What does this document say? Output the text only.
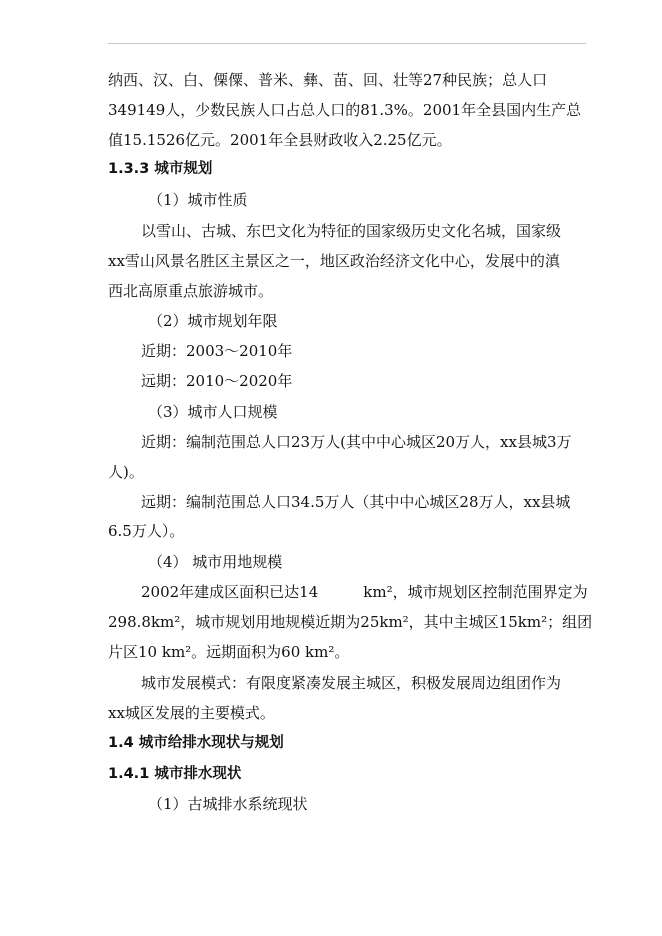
纳西、汉、白、傈僳、普米、彝、苗、回、壮等27种民族；总人口
349149人，少数民族人口占总人口的81.3%。2001年全县国内生产总
值15.1526亿元。2001年全县财政收入2.25亿元。
1.3.3 城市规划
（1）城市性质
以雪山、古城、东巴文化为特征的国家级历史文化名城，国家级
xx雪山风景名胜区主景区之一，地区政治经济文化中心，发展中的滇
西北高原重点旅游城市。
（2）城市规划年限
近期：2003～2010年
远期：2010～2020年
（3）城市人口规模
近期：编制范围总人口23万人(其中中心城区20万人，xx县城3万
人)。
远期：编制范围总人口34.5万人（其中中心城区28万人，xx县城
6.5万人）。
（4） 城市用地规模
2002年建成区面积已达14　　　km²，城市规划区控制范围界定为
298.8km²，城市规划用地规模近期为25km²，其中主城区15km²；组团
片区10 km²。远期面积为60 km²。
城市发展模式：有限度紧凑发展主城区，积极发展周边组团作为
xx城区发展的主要模式。
1.4 城市给排水现状与规划
1.4.1 城市排水现状
（1）古城排水系统现状
